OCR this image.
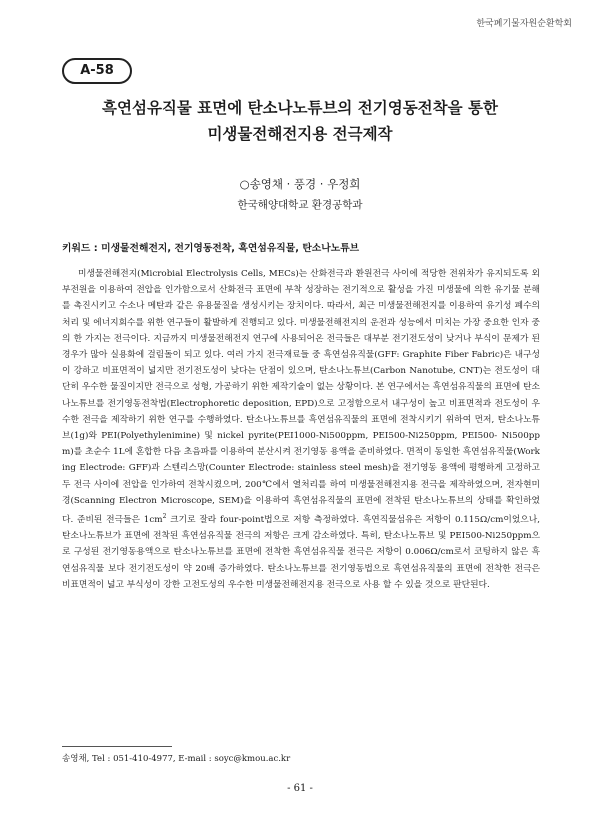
한국폐기물자원순환학회
A-58
흑연섬유직물 표면에 탄소나노튜브의 전기영동전착을 통한
미생물전해전지용 전극제작
○송영채 · 풍경 · 우정희
한국해양대학교 환경공학과
키워드 : 미생물전해전지, 전기영동전착, 흑연섬유직물, 탄소나노튜브
미생물전해전지(Microbial Electrolysis Cells, MECs)는 산화전극과 환원전극 사이에 적당한 전위차가 유지되도록 외부전원을 이용하여 전압을 인가함으로서 산화전극 표면에 부착 성장하는 전기적으로 활성을 가진 미생물에 의한 유기물 분해를 촉진시키고 수소나 메탄과 같은 유용물질을 생성시키는 장치이다. 따라서, 최근 미생물전해전지를 이용하여 유기성 폐수의 처리 및 에너지회수를 위한 연구들이 활발하게 진행되고 있다. 미생물전해전지의 운전과 성능에서 미치는 가장 중요한 인자 중의 한 가지는 전극이다. 지금까지 미생물전해전지 연구에 사용되어온 전극들은 대부분 전기전도성이 낮거나 부식이 문제가 된 경우가 많아 실용화에 걸림돌이 되고 있다. 여러 가지 전극재료들 중 흑연섬유직물(GFF: Graphite Fiber Fabric)은 내구성이 강하고 비표면적이 넓지만 전기전도성이 낮다는 단점이 있으며, 탄소나노튜브(Carbon Nanotube, CNT)는 전도성이 대단히 우수한 물질이지만 전극으로 성형, 가공하기 위한 제작기술이 없는 상황이다. 본 연구에서는 흑연섬유직물의 표면에 탄소나노튜브를 전기영동전착법(Electrophoretic deposition, EPD)으로 고정함으로서 내구성이 높고 비표면적과 전도성이 우수한 전극을 제작하기 위한 연구를 수행하였다. 탄소나노튜브를 흑연섬유직물의 표면에 전착시키기 위하여 먼저, 탄소나노튜브(1g)와 PEI(Polyethylenimine) 및 nickel pyrite(PEI1000-Ni500ppm, PEI500-Ni250ppm, PEI500- Ni500ppm)를 초순수 1L에 혼합한 다음 초음파를 이용하여 분산시켜 전기영동 용액을 준비하였다. 면적이 동일한 흑연섬유직물(Working Electrode: GFF)과 스텐리스망(Counter Electrode: stainless steel mesh)을 전기영동 용액에 평행하게 고정하고 두 전극 사이에 전압을 인가하여 전착시켰으며, 200℃에서 열처리를 하여 미생물전해전지용 전극을 제작하였으며, 전자현미경(Scanning Electron Microscope, SEM)을 이용하여 흑연섬유직물의 표면에 전착된 탄소나노튜브의 상태를 확인하였다. 준비된 전극들은 $1cm^2$ 크기로 잘라 four-point법으로 저항 측정하였다. 흑연직물섬유은 저항이 0.115Ω/cm이었으나, 탄소나노튜브가 표면에 전착된 흑연섬유직물 전극의 저항은 크게 감소하였다. 특히, 탄소나노튜브 및 PEI500-Ni250ppm으로 구성된 전기영동용액으로 탄소나노튜브를 표면에 전착한 흑연섬유직물 전극은 저항이 0.006Ω/cm로서 코팅하지 않은 흑연섬유직물 보다 전기전도성이 약 20배 증가하였다. 탄소나노튜브를 전기영동법으로 흑연섬유직물의 표면에 전착한 전극은 비표면적이 넓고 부식성이 강한 고전도성의 우수한 미생물전해전지용 전극으로 사용 할 수 있을 것으로 판단된다.
송영채, Tel : 051-410-4977, E-mail : soyc@kmou.ac.kr
- 61 -
